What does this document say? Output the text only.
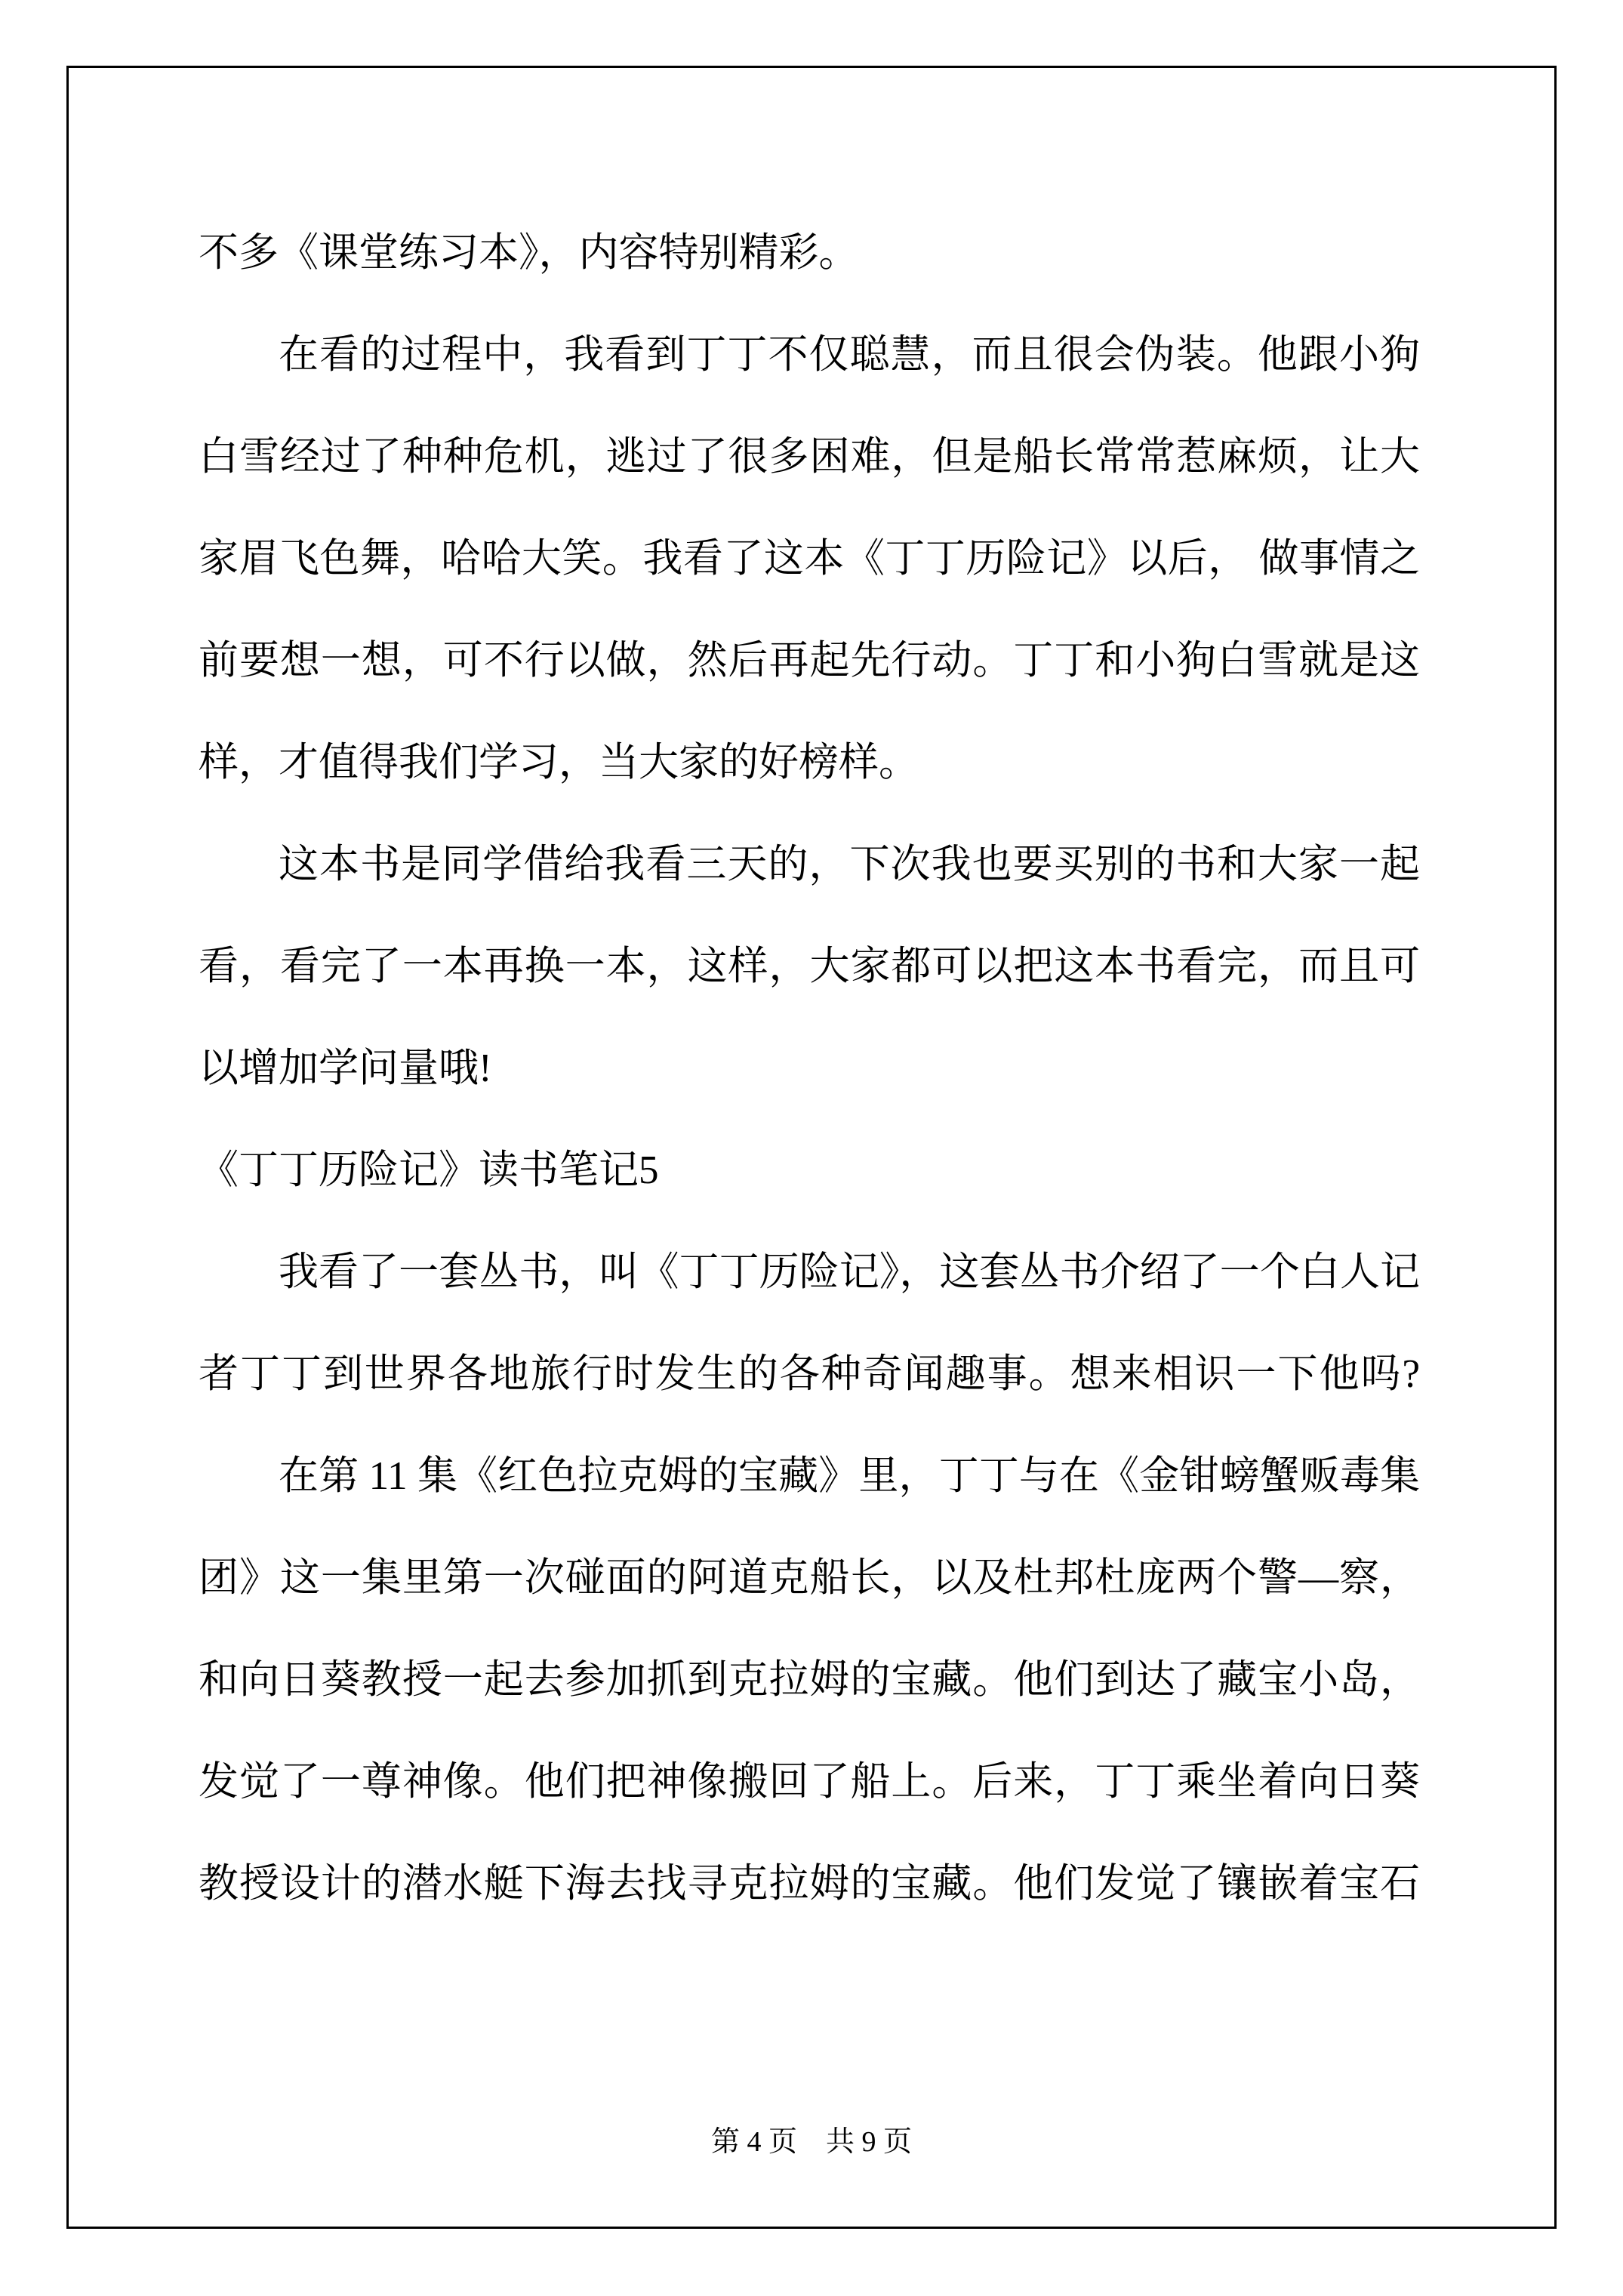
不多《课堂练习本》，内容特别精彩。
在看的过程中，我看到丁丁不仅聪慧，而且很会伪装。他跟小狗
白雪经过了种种危机，逃过了很多困难，但是船长常常惹麻烦，让大
家眉飞色舞，哈哈大笑。我看了这本《丁丁历险记》以后， 做事情之
前要想一想，可不行以做，然后再起先行动。丁丁和小狗白雪就是这
样，才值得我们学习，当大家的好榜样。
这本书是同学借给我看三天的，下次我也要买别的书和大家一起
看，看完了一本再换一本，这样，大家都可以把这本书看完，而且可
以增加学问量哦!
《丁丁历险记》读书笔记5
我看了一套丛书，叫《丁丁历险记》，这套丛书介绍了一个白人记
者丁丁到世界各地旅行时发生的各种奇闻趣事。想来相识一下他吗?
在第 11 集《红色拉克姆的宝藏》里，丁丁与在《金钳螃蟹贩毒集
团》这一集里第一次碰面的阿道克船长，以及杜邦杜庞两个警—察，
和向日葵教授一起去参加抓到克拉姆的宝藏。他们到达了藏宝小岛，
发觉了一尊神像。他们把神像搬回了船上。后来，丁丁乘坐着向日葵
教授设计的潜水艇下海去找寻克拉姆的宝藏。他们发觉了镶嵌着宝石
第 4 页　共 9 页
